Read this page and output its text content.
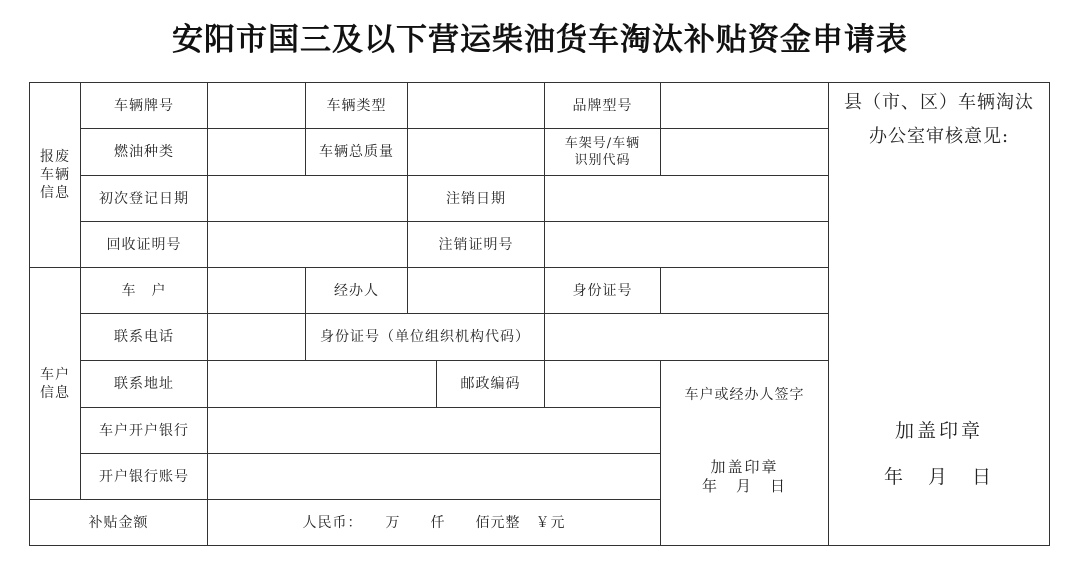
安阳市国三及以下营运柴油货车淘汰补贴资金申请表
报废
车辆
信息
车户
信息
车辆牌号	车辆类型	品牌型号
燃油种类	车辆总质量
车架号/车辆
识别代码
初次登记日期	注销日期
回收证明号	注销证明号
车　户	经办人	身份证号
联系电话	身份证号（单位组织机构代码）
联系地址	邮政编码
车户或经办人签字
车户开户银行
开户银行账号
加盖印章
年　月　日
补贴金额	人民币：　　万　　仟　　佰元整　￥元
县（市、区）车辆淘汰
办公室审核意见:
加盖印章
年　月　日
